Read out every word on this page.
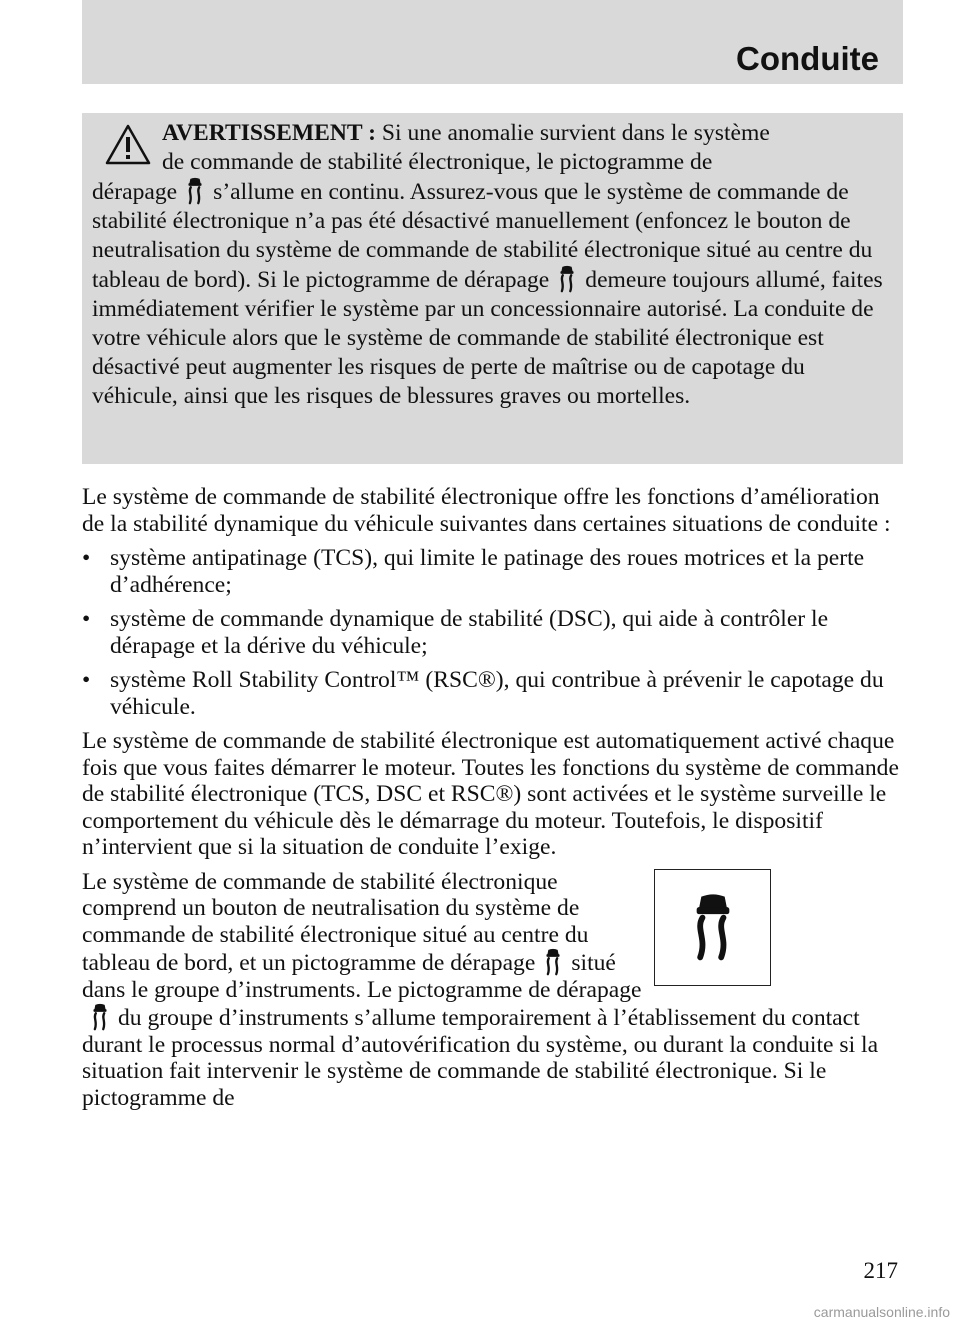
Conduite

AVERTISSEMENT : Si une anomalie survient dans le système

de commande de stabilité électronique, le pictogramme de

dérapage s’allume en continu. Assurez-vous que le système de commande de stabilité électronique n’a pas été désactivé manuellement (enfoncez le bouton de neutralisation du système de commande de stabilité électronique situé au centre du tableau de bord). Si le pictogramme de dérapage demeure toujours allumé, faites immédiatement vérifier le système par un concessionnaire autorisé. La conduite de votre véhicule alors que le système de commande de stabilité électronique est désactivé peut augmenter les risques de perte de maîtrise ou de capotage du véhicule, ainsi que les risques de blessures graves ou mortelles.

Le système de commande de stabilité électronique offre les fonctions d’amélioration de la stabilité dynamique du véhicule suivantes dans certaines situations de conduite :

• système antipatinage (TCS), qui limite le patinage des roues motrices et la perte d’adhérence;

• système de commande dynamique de stabilité (DSC), qui aide à contrôler le dérapage et la dérive du véhicule;

• système Roll Stability Control™ (RSC®), qui contribue à prévenir le capotage du véhicule.

Le système de commande de stabilité électronique est automatiquement activé chaque fois que vous faites démarrer le moteur. Toutes les fonctions du système de commande de stabilité électronique (TCS, DSC et RSC®) sont activées et le système surveille le comportement du véhicule dès le démarrage du moteur. Toutefois, le dispositif n’intervient que si la situation de conduite l’exige.

Le système de commande de stabilité électronique comprend un bouton de neutralisation du système de commande de stabilité électronique situé au centre du tableau de bord, et un pictogramme de dérapage situé dans le groupe d’instruments. Le pictogramme de dérapagedu groupe d’instruments s’allume temporairement à l’établissement du contact durant le processus normal d’autovérification du système, ou durant la conduite si la situation fait intervenir le système de commande de stabilité électronique. Si le pictogramme de

217
carmanualsonline.info
